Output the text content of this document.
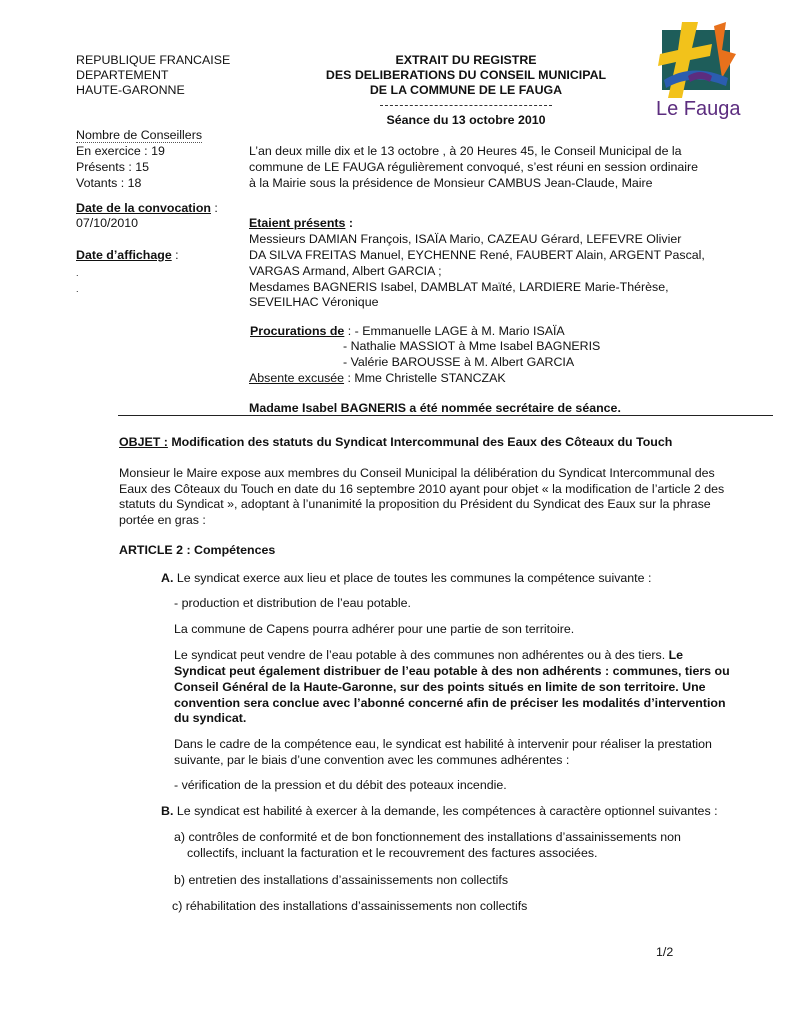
REPUBLIQUE FRANCAISE
DEPARTEMENT
HAUTE-GARONNE
EXTRAIT DU REGISTRE
DES DELIBERATIONS DU CONSEIL MUNICIPAL
DE LA COMMUNE DE LE FAUGA
Séance du 13 octobre 2010	Le Fauga
Nombre de Conseillers
En exercice : 19
Présents : 15
Votants : 18
Date de la convocation :
07/10/2010
Date d’affichage :
.
.
L’an deux mille dix et le 13 octobre , à 20 Heures 45, le Conseil Municipal de la
commune de LE FAUGA régulièrement convoqué, s’est réuni en session ordinaire
à la Mairie sous la présidence de Monsieur CAMBUS Jean-Claude, Maire
Etaient présents :
Messieurs DAMIAN François, ISAÏA Mario, CAZEAU Gérard, LEFEVRE Olivier
DA SILVA FREITAS Manuel, EYCHENNE René, FAUBERT Alain, ARGENT Pascal,
VARGAS Armand, Albert GARCIA ;
Mesdames BAGNERIS Isabel, DAMBLAT Maïté, LARDIERE Marie-Thérèse,
SEVEILHAC Véronique
Procurations de : - Emmanuelle LAGE à M. Mario ISAÏA
- Nathalie MASSIOT à Mme Isabel BAGNERIS
- Valérie BAROUSSE à M. Albert GARCIA
Absente excusée : Mme Christelle STANCZAK
Madame Isabel BAGNERIS a été nommée secrétaire de séance.
OBJET : Modification des statuts du Syndicat Intercommunal des Eaux des Côteaux du Touch
Monsieur le Maire expose aux membres du Conseil Municipal la délibération du Syndicat Intercommunal des
Eaux des Côteaux du Touch en date du 16 septembre 2010 ayant pour objet « la modification de l’article 2 des
statuts du Syndicat », adoptant à l’unanimité la proposition du Président du Syndicat des Eaux sur la phrase
portée en gras :
ARTICLE 2 : Compétences
A. Le syndicat exerce aux lieu et place de toutes les communes la compétence suivante :
- production et distribution de l’eau potable.
La commune de Capens pourra adhérer pour une partie de son territoire.
Le syndicat peut vendre de l’eau potable à des communes non adhérentes ou à des tiers. Le
Syndicat peut également distribuer de l’eau potable à des non adhérents : communes, tiers ou
Conseil Général de la Haute-Garonne, sur des points situés en limite de son territoire. Une
convention sera conclue avec l’abonné concerné afin de préciser les modalités d’intervention
du syndicat.
Dans le cadre de la compétence eau, le syndicat est habilité à intervenir pour réaliser la prestation
suivante, par le biais d’une convention avec les communes adhérentes :
- vérification de la pression et du débit des poteaux incendie.
B. Le syndicat est habilité à exercer à la demande, les compétences à caractère optionnel suivantes :
a) contrôles de conformité et de bon fonctionnement des installations d’assainissements non
collectifs, incluant la facturation et le recouvrement des factures associées.
b) entretien des installations d’assainissements non collectifs
c) réhabilitation des installations d’assainissements non collectifs
1/2
